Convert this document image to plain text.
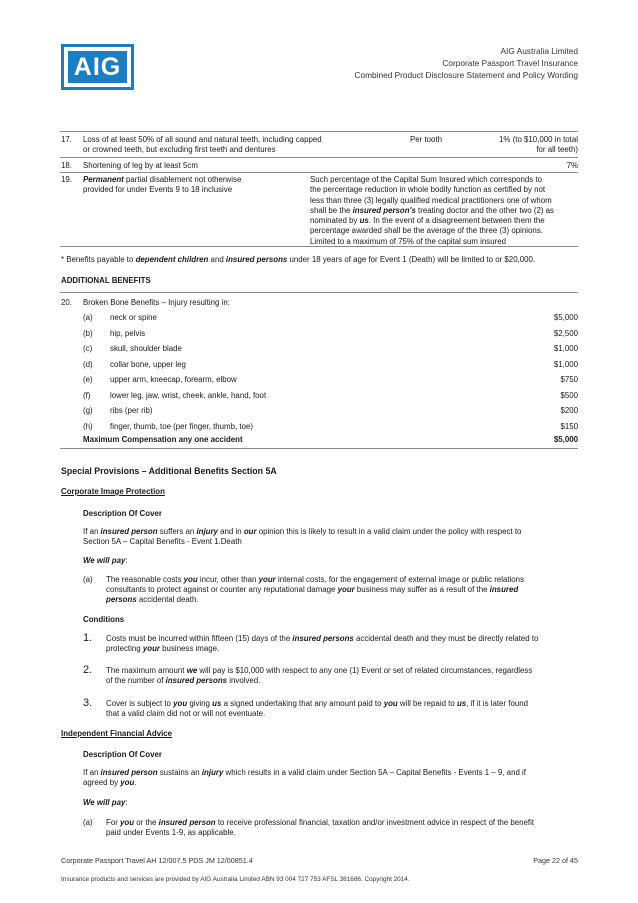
AIG
AIG Australia Limited
Corporate Passport Travel Insurance
Combined Product Disclosure Statement and Policy Wording
17. Loss of at least 50% of all sound and natural teeth, including capped
or crowned teeth, but excluding first teeth and dentures
Per tooth	1% (to $10,000 in total
for all teeth)
18. Shortening of leg by at least 5cm	7%
19. Permanent partial disablement not otherwise
provided for under Events 9 to 18 inclusive
Such percentage of the Capital Sum Insured which corresponds to
the percentage reduction in whole bodily function as certified by not
less than three (3) legally qualified medical practitioners one of whom
shall be the insured person's treating doctor and the other two (2) as
nominated by us. In the event of a disagreement between them the
percentage awarded shall be the average of the three (3) opinions.
Limited to a maximum of 75% of the capital sum insured
* Benefits payable to dependent children and insured persons under 18 years of age for Event 1 (Death) will be limited to or $20,000.
ADDITIONAL BENEFITS
20. Broken Bone Benefits – Injury resulting in:
(a) neck or spine	$5,000
(b) hip, pelvis	$2,500
(c) skull, shoulder blade	$1,000
(d) collar bone, upper leg	$1,000
(e) upper arm, kneecap, forearm, elbow	$750
(f) lower leg, jaw, wrist, cheek, ankle, hand, foot	$500
(g) ribs (per rib)	$200
(h) finger, thumb, toe (per finger, thumb, toe)	$150
Maximum Compensation any one accident	$5,000
Special Provisions – Additional Benefits Section 5A
Corporate Image Protection
Description Of Cover
If an insured person suffers an injury and in our opinion this is likely to result in a valid claim under the policy with respect to
Section 5A – Capital Benefits - Event 1.Death
We will pay:
(a) The reasonable costs you incur, other than your internal costs, for the engagement of external image or public relations
consultants to protect against or counter any reputational damage your business may suffer as a result of the insured
persons accidental death.
Conditions
1. Costs must be incurred within fifteen (15) days of the insured persons accidental death and they must be directly related to
protecting your business image.
2. The maximum amount we will pay is $10,000 with respect to any one (1) Event or set of related circumstances, regardless
of the number of insured persons involved.
3. Cover is subject to you giving us a signed undertaking that any amount paid to you will be repaid to us, if it is later found
that a valid claim did not or will not eventuate.
Independent Financial Advice
Description Of Cover
If an insured person sustains an injury which results in a valid claim under Section 5A – Capital Benefits - Events 1 – 9, and if
agreed by you.
We will pay:
(a) For you or the insured person to receive professional financial, taxation and/or investment advice in respect of the benefit
paid under Events 1-9, as applicable.
Corporate Passport Travel AH 12/007.5 PDS JM 12/00851.4	Page 22 of 45
Insurance products and services are provided by AIG Australia Limited ABN 93 004 727 753 AFSL 381686. Copyright 2014.
